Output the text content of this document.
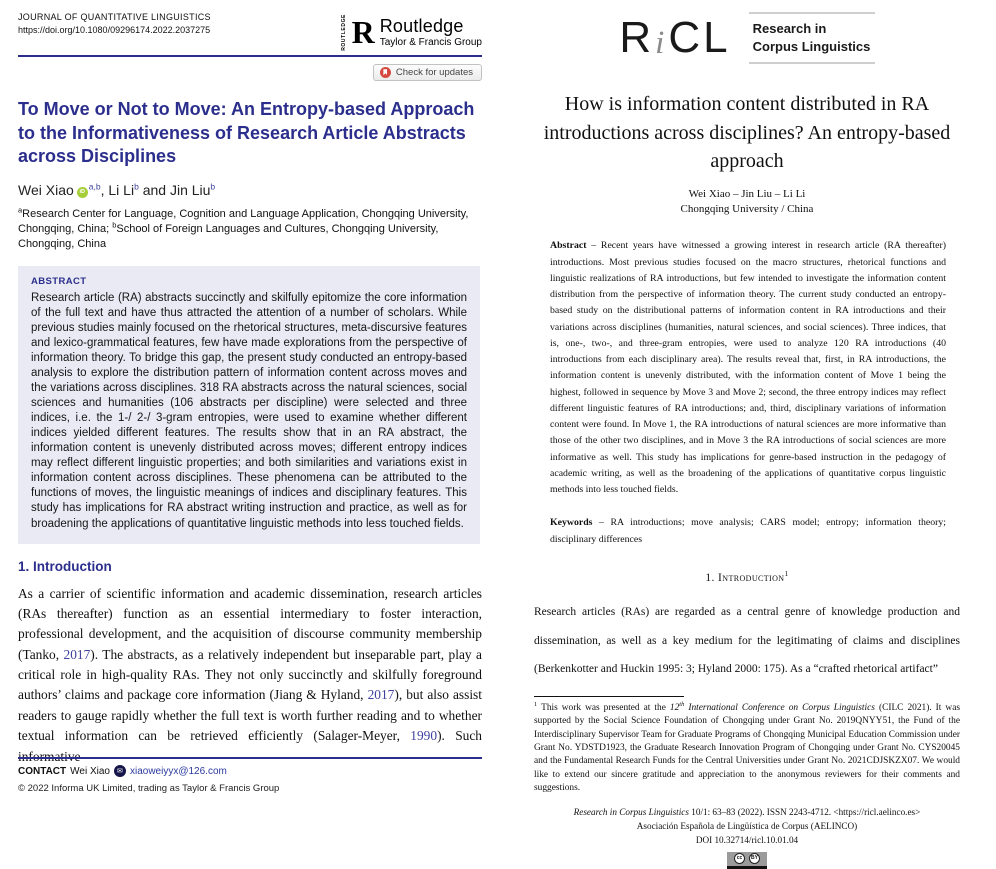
JOURNAL OF QUANTITATIVE LINGUISTICS
https://doi.org/10.1080/09296174.2022.2037275	ROUTLEDGE R Routledge
Taylor & Francis Group
Check for updates
To Move or Not to Move: An Entropy-based Approach to the Informativeness of Research Article Abstracts across Disciplines
Wei Xiao iD$^{a,b}$, Li Li$^b$ and Jin Liu$^b$
$^a$Research Center for Language, Cognition and Language Application, Chongqing University, Chongqing, China; $^b$School of Foreign Languages and Cultures, Chongqing University, Chongqing, China
ABSTRACT
Research article (RA) abstracts succinctly and skilfully epitomize the core information of the full text and have thus attracted the attention of a number of scholars. While previous studies mainly focused on the rhetorical structures, meta-discursive features and lexico-grammatical features, few have made explorations from the perspective of information theory. To bridge this gap, the present study conducted an entropy-based analysis to explore the distribution pattern of information content across moves and the variations across disciplines. 318 RA abstracts across the natural sciences, social sciences and humanities (106 abstracts per discipline) were selected and three indices, i.e. the 1-/ 2-/ 3-gram entropies, were used to examine whether different indices yielded different features. The results show that in an RA abstract, the information content is unevenly distributed across moves; different entropy indices may reflect different linguistic properties; and both similarities and variations exist in information content across disciplines. These phenomena can be attributed to the functions of moves, the linguistic meanings of indices and disciplinary features. This study has implications for RA abstract writing instruction and practice, as well as for broadening the applications of quantitative linguistic methods into less touched fields.
1. Introduction
As a carrier of scientific information and academic dissemination, research articles (RAs thereafter) function as an essential intermediary to foster interaction, professional development, and the acquisition of discourse community membership (Tanko, 2017). The abstracts, as a relatively independent but inseparable part, play a critical role in high-quality RAs. They not only succinctly and skilfully foreground authors’ claims and package core information (Jiang & Hyland, 2017), but also assist readers to gauge rapidly whether the full text is worth further reading and to whether textual information can be retrieved efficiently (Salager-Meyer, 1990). Such informative
CONTACT Wei Xiao	✉ xiaoweiyyx@126.com
© 2022 Informa UK Limited, trading as Taylor & Francis Group
R i C L Research in
Corpus Linguistics
How is information content distributed in RA introductions across disciplines? An entropy-based approach
Wei Xiao – Jin Liu – Li Li
Chongqing University / China
Abstract – Recent years have witnessed a growing interest in research article (RA thereafter) introductions. Most previous studies focused on the macro structures, rhetorical functions and linguistic realizations of RA introductions, but few intended to investigate the information content distribution from the perspective of information theory. The current study conducted an entropy-based study on the distributional patterns of information content in RA introductions and their variations across disciplines (humanities, natural sciences, and social sciences). Three indices, that is, one-, two-, and three-gram entropies, were used to analyze 120 RA introductions (40 introductions from each disciplinary area). The results reveal that, first, in RA introductions, the information content is unevenly distributed, with the information content of Move 1 being the highest, followed in sequence by Move 3 and Move 2; second, the three entropy indices may reflect different linguistic features of RA introductions; and, third, disciplinary variations of information content were found. In Move 1, the RA introductions of natural sciences are more informative than those of the other two disciplines, and in Move 3 the RA introductions of social sciences are more informative as well. This study has implications for genre-based instruction in the pedagogy of academic writing, as well as the broadening of the applications of quantitative corpus linguistic methods into less touched fields.
Keywords – RA introductions; move analysis; CARS model; entropy; information theory; disciplinary differences
1. Introduction$^1$
Research articles (RAs) are regarded as a central genre of knowledge production and dissemination, as well as a key medium for the legitimating of claims and disciplines (Berkenkotter and Huckin 1995: 3; Hyland 2000: 175). As a “crafted rhetorical artifact”
$^1$ This work was presented at the 12th International Conference on Corpus Linguistics (CILC 2021). It was supported by the Social Science Foundation of Chongqing under Grant No. 2019QNYY51, the Fund of the Interdisciplinary Supervisor Team for Graduate Programs of Chongqing Municipal Education Commission under Grant No. YDSTD1923, the Graduate Research Innovation Program of Chongqing under Grant No. CYS20045 and the Fundamental Research Funds for the Central Universities under Grant No. 2021CDJSKZX07. We would like to extend our sincere gratitude and appreciation to the anonymous reviewers for their comments and suggestions.
Research in Corpus Linguistics 10/1: 63–83 (2022). ISSN 2243-4712. <https://ricl.aelinco.es>
Asociación Española de Lingüística de Corpus (AELINCO)
DOI 10.32714/ricl.10.01.04
cc	BY
